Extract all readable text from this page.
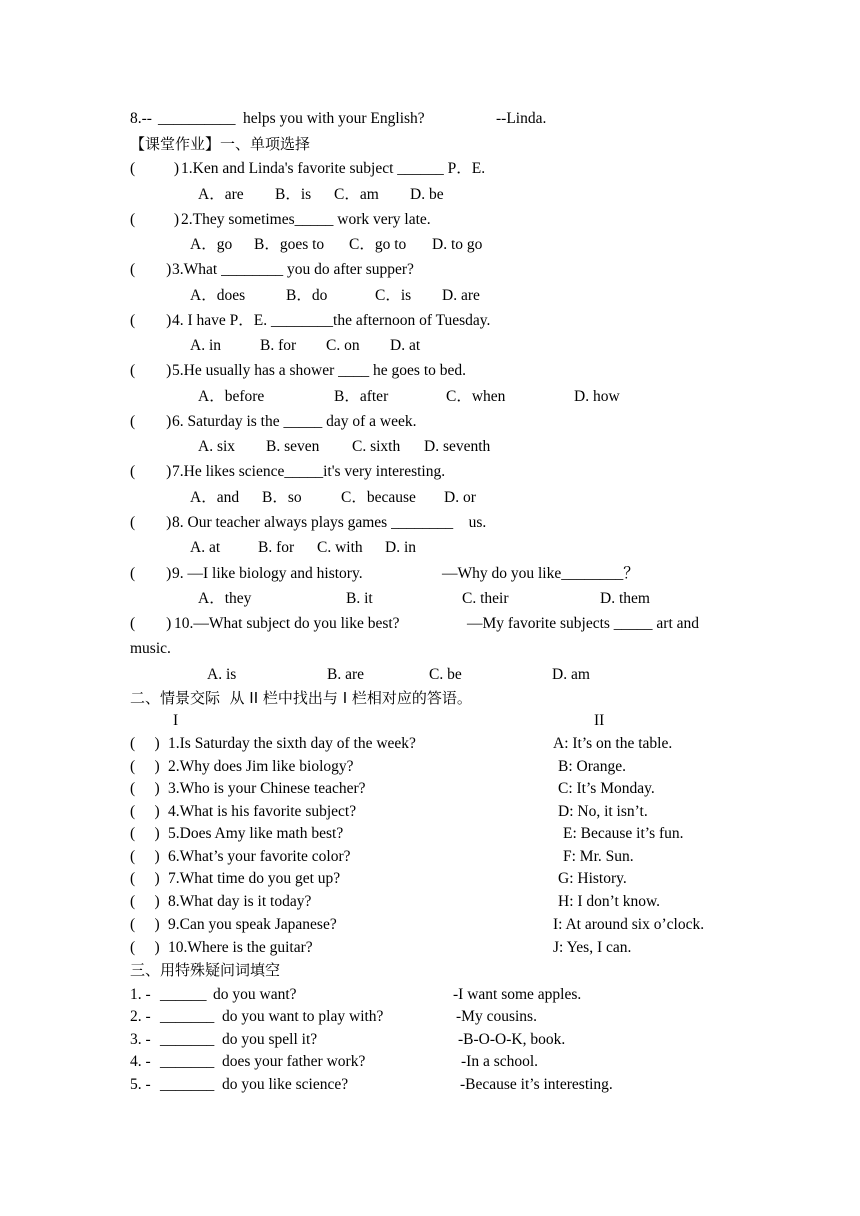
8.-- __________ helps you with your English?	--Linda.
【课堂作业】一、单项选择
(          ) 1.Ken and Linda's favorite subject ______ P．E.
A．are B．is C．am D. be
(          ) 2.They sometimes_____ work very late.
A．go B．goes to C．go to D. to go
(        ) 3.What ________ you do after supper?
A．does	B．do	C．is D. are
(        ) 4. I have P．E. ________the afternoon of Tuesday.
A. in	B. for C. on D. at
(        ) 5.He usually has a shower ____ he goes to bed.
A．before	B．after	C．when	D. how
(        ) 6. Saturday is the _____ day of a week.
A. six B. seven C. sixth D. seventh
(        ) 7.He likes science_____it's very interesting.
A．and B．so	C．because D. or
(        ) 8. Our teacher always plays games ________    us.
A. at B. for C. with D. in
(        ) 9. —I like biology and history.	—Why do you like________？
A．they	B. it	C. their	D. them
(        ) 10.—What subject do you like best?	—My favorite subjects _____ art and
music.
A. is	B. are	C. be	D. am
二、情景交际  从 II 栏中找出与 I 栏相对应的答语。
I	II
(     ) 1.Is Saturday the sixth day of the week?	A: It’s on the table.
(     ) 2.Why does Jim like biology?	B: Orange.
(     ) 3.Who is your Chinese teacher?	C: It’s Monday.
(     ) 4.What is his favorite subject?	D: No, it isn’t.
(     ) 5.Does Amy like math best?	E: Because it’s fun.
(     ) 6.What’s your favorite color?	F: Mr. Sun.
(     ) 7.What time do you get up?	G: History.
(     ) 8.What day is it today?	H: I don’t know.
(     ) 9.Can you speak Japanese?	I: At around six o’clock.
(     ) 10.Where is the guitar?	J: Yes, I can.
三、用特殊疑问词填空
1. - ______ do you want?	-I want some apples.
2. - _______ do you want to play with?	-My cousins.
3. - _______ do you spell it?	-B-O-O-K, book.
4. - _______ does your father work?	-In a school.
5. - _______ do you like science?	-Because it’s interesting.
